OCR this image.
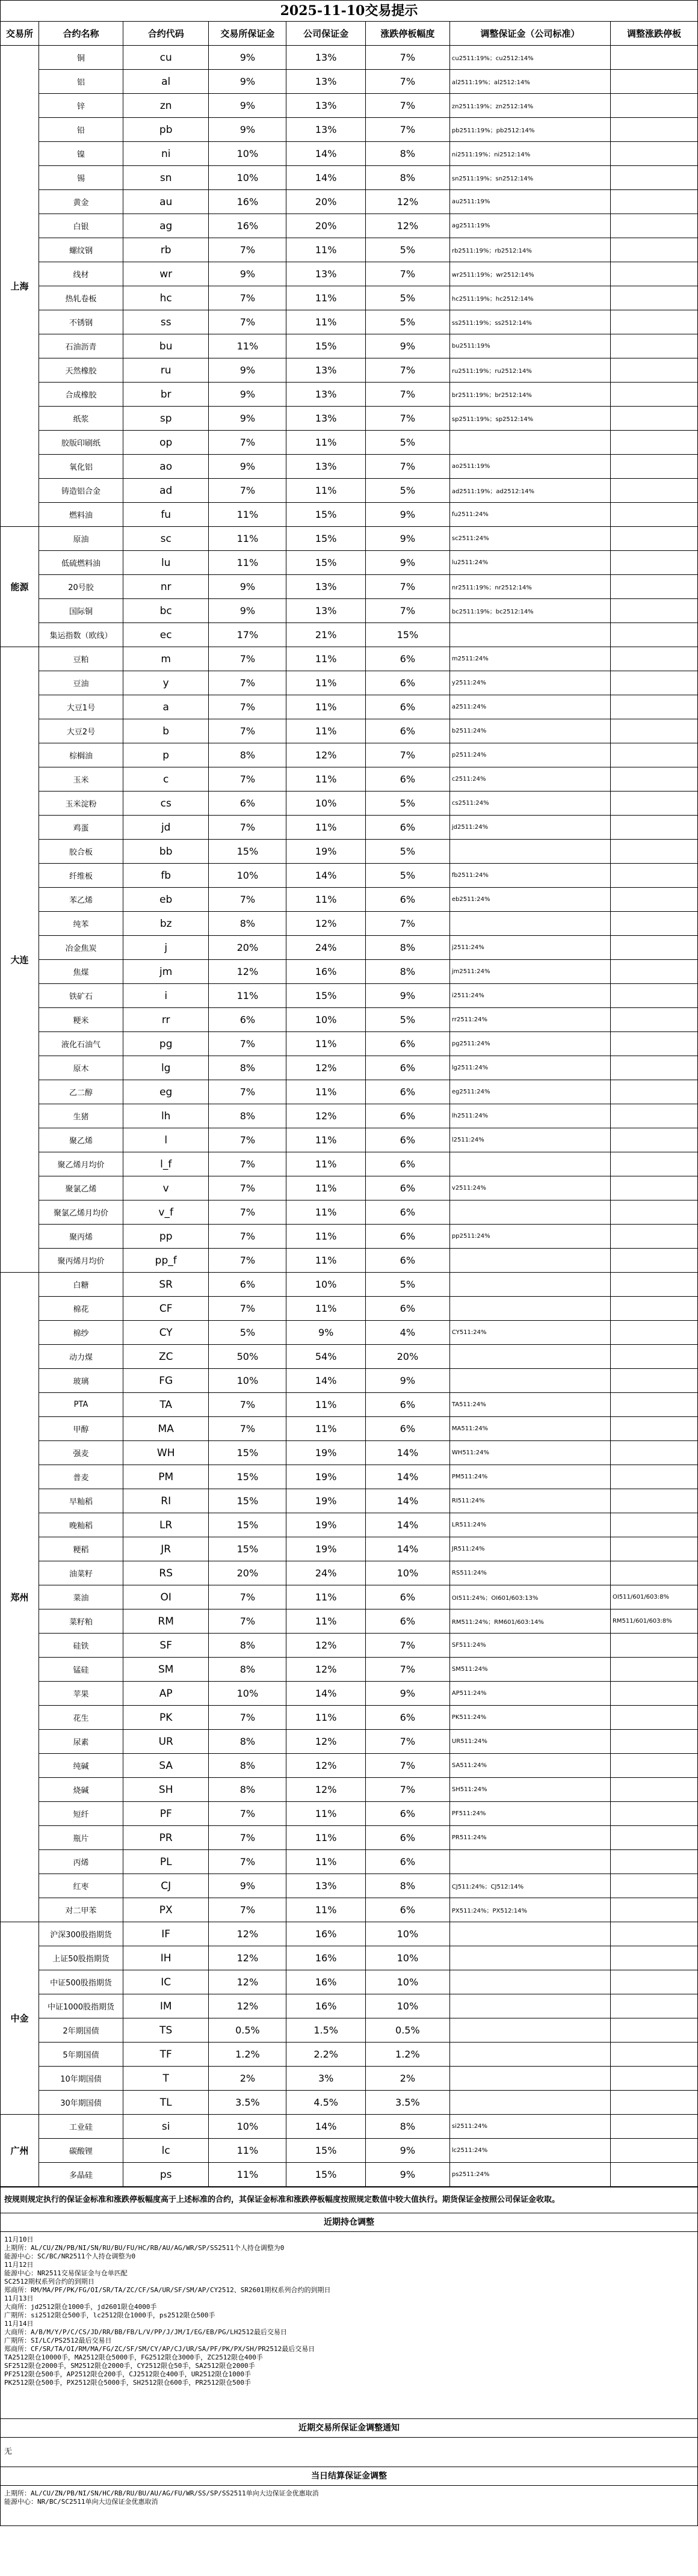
2025-11-10交易提示
交易所	合约名称	合约代码	交易所保证金	公司保证金	涨跌停板幅度	调整保证金（公司标准）	调整涨跌停板
上海	铜	cu	9%	13%	7%	cu2511:19%；cu2512:14%	
	铝	al	9%	13%	7%	al2511:19%；al2512:14%	
	锌	zn	9%	13%	7%	zn2511:19%；zn2512:14%	
	铅	pb	9%	13%	7%	pb2511:19%；pb2512:14%	
	镍	ni	10%	14%	8%	ni2511:19%；ni2512:14%	
	锡	sn	10%	14%	8%	sn2511:19%；sn2512:14%	
	黄金	au	16%	20%	12%	au2511:19%	
	白银	ag	16%	20%	12%	ag2511:19%	
	螺纹钢	rb	7%	11%	5%	rb2511:19%；rb2512:14%	
	线材	wr	9%	13%	7%	wr2511:19%；wr2512:14%	
	热轧卷板	hc	7%	11%	5%	hc2511:19%；hc2512:14%	
	不锈钢	ss	7%	11%	5%	ss2511:19%；ss2512:14%	
	石油沥青	bu	11%	15%	9%	bu2511:19%	
	天然橡胶	ru	9%	13%	7%	ru2511:19%；ru2512:14%	
	合成橡胶	br	9%	13%	7%	br2511:19%；br2512:14%	
	纸浆	sp	9%	13%	7%	sp2511:19%；sp2512:14%	
	胶版印刷纸	op	7%	11%	5%		
	氧化铝	ao	9%	13%	7%	ao2511:19%	
	铸造铝合金	ad	7%	11%	5%	ad2511:19%；ad2512:14%	
	燃料油	fu	11%	15%	9%	fu2511:24%	
能源	原油	sc	11%	15%	9%	sc2511:24%	
	低硫燃料油	lu	11%	15%	9%	lu2511:24%	
	20号胶	nr	9%	13%	7%	nr2511:19%；nr2512:14%	
	国际铜	bc	9%	13%	7%	bc2511:19%；bc2512:14%	
	集运指数（欧线）	ec	17%	21%	15%		
大连	豆粕	m	7%	11%	6%	m2511:24%	
	豆油	y	7%	11%	6%	y2511:24%	
	大豆1号	a	7%	11%	6%	a2511:24%	
	大豆2号	b	7%	11%	6%	b2511:24%	
	棕榈油	p	8%	12%	7%	p2511:24%	
	玉米	c	7%	11%	6%	c2511:24%	
	玉米淀粉	cs	6%	10%	5%	cs2511:24%	
	鸡蛋	jd	7%	11%	6%	jd2511:24%	
	胶合板	bb	15%	19%	5%		
	纤维板	fb	10%	14%	5%	fb2511:24%	
	苯乙烯	eb	7%	11%	6%	eb2511:24%	
	纯苯	bz	8%	12%	7%		
	冶金焦炭	j	20%	24%	8%	j2511:24%	
	焦煤	jm	12%	16%	8%	jm2511:24%	
	铁矿石	i	11%	15%	9%	i2511:24%	
	粳米	rr	6%	10%	5%	rr2511:24%	
	液化石油气	pg	7%	11%	6%	pg2511:24%	
	原木	lg	8%	12%	6%	lg2511:24%	
	乙二醇	eg	7%	11%	6%	eg2511:24%	
	生猪	lh	8%	12%	6%	lh2511:24%	
	聚乙烯	l	7%	11%	6%	l2511:24%	
	聚乙烯月均价	l_f	7%	11%	6%		
	聚氯乙烯	v	7%	11%	6%	v2511:24%	
	聚氯乙烯月均价	v_f	7%	11%	6%		
	聚丙烯	pp	7%	11%	6%	pp2511:24%	
	聚丙烯月均价	pp_f	7%	11%	6%		
郑州	白糖	SR	6%	10%	5%		
	棉花	CF	7%	11%	6%		
	棉纱	CY	5%	9%	4%	CY511:24%	
	动力煤	ZC	50%	54%	20%		
	玻璃	FG	10%	14%	9%		
	PTA	TA	7%	11%	6%	TA511:24%	
	甲醇	MA	7%	11%	6%	MA511:24%	
	强麦	WH	15%	19%	14%	WH511:24%	
	普麦	PM	15%	19%	14%	PM511:24%	
	早籼稻	RI	15%	19%	14%	RI511:24%	
	晚籼稻	LR	15%	19%	14%	LR511:24%	
	粳稻	JR	15%	19%	14%	JR511:24%	
	油菜籽	RS	20%	24%	10%	RS511:24%	
	菜油	OI	7%	11%	6%	OI511:24%；OI601/603:13%	OI511/601/603:8%
	菜籽粕	RM	7%	11%	6%	RM511:24%；RM601/603:14%	RM511/601/603:8%
	硅铁	SF	8%	12%	7%	SF511:24%	
	锰硅	SM	8%	12%	7%	SM511:24%	
	苹果	AP	10%	14%	9%	AP511:24%	
	花生	PK	7%	11%	6%	PK511:24%	
	尿素	UR	8%	12%	7%	UR511:24%	
	纯碱	SA	8%	12%	7%	SA511:24%	
	烧碱	SH	8%	12%	7%	SH511:24%	
	短纤	PF	7%	11%	6%	PF511:24%	
	瓶片	PR	7%	11%	6%	PR511:24%	
	丙烯	PL	7%	11%	6%		
	红枣	CJ	9%	13%	8%	CJ511:24%；CJ512:14%	
	对二甲苯	PX	7%	11%	6%	PX511:24%；PX512:14%	
中金	沪深300股指期货	IF	12%	16%	10%		
	上证50股指期货	IH	12%	16%	10%		
	中证500股指期货	IC	12%	16%	10%		
	中证1000股指期货	IM	12%	16%	10%		
	2年期国债	TS	0.5%	1.5%	0.5%		
	5年期国债	TF	1.2%	2.2%	1.2%		
	10年期国债	T	2%	3%	2%		
	30年期国债	TL	3.5%	4.5%	3.5%		
广州	工业硅	si	10%	14%	8%	si2511:24%	
	碳酸锂	lc	11%	15%	9%	lc2511:24%	
	多晶硅	ps	11%	15%	9%	ps2511:24%	
按规则规定执行的保证金标准和涨跌停板幅度高于上述标准的合约，其保证金标准和涨跌停板幅度按照规定数值中较大值执行。期货保证金按照公司保证金收取。
近期持仓调整
11月10日
上期所：AL/CU/ZN/PB/NI/SN/RU/BU/FU/HC/RB/AU/AG/WR/SP/SS2511个人持仓调整为0
能源中心：SC/BC/NR2511个人持仓调整为0
11月12日
能源中心：NR2511交易保证金与仓单匹配
SC2512期权系列合约的到期日
郑商所：RM/MA/PF/PK/FG/OI/SR/TA/ZC/CF/SA/UR/SF/SM/AP/CY2512、SR2601期权系列合约的到期日
11月13日
大商所：jd2512限仓1000手，jd2601限仓4000手
广期所：si2512限仓500手，lc2512限仓1000手，ps2512限仓500手
11月14日
大商所：A/B/M/Y/P/C/CS/JD/RR/BB/FB/L/V/PP/J/JM/I/EG/EB/PG/LH2512最后交易日
广期所：SI/LC/PS2512最后交易日
郑商所：CF/SR/TA/OI/RM/MA/FG/ZC/SF/SM/CY/AP/CJ/UR/SA/PF/PK/PX/SH/PR2512最后交易日
TA2512限仓10000手，MA2512限仓5000手，FG2512限仓3000手，ZC2512限仓400手
SF2512限仓2000手，SM2512限仓2000手，CY2512限仓50手，SA2512限仓2000手
PF2512限仓500手，AP2512限仓200手，CJ2512限仓400手，UR2512限仓1000手
PK2512限仓500手，PX2512限仓5000手，SH2512限仓600手，PR2512限仓500手
近期交易所保证金调整通知
无
当日结算保证金调整
上期所：AL/CU/ZN/PB/NI/SN/HC/RB/RU/BU/AU/AG/FU/WR/SS/SP/SS2511单向大边保证金优惠取消
能源中心：NR/BC/SC2511单向大边保证金优惠取消
